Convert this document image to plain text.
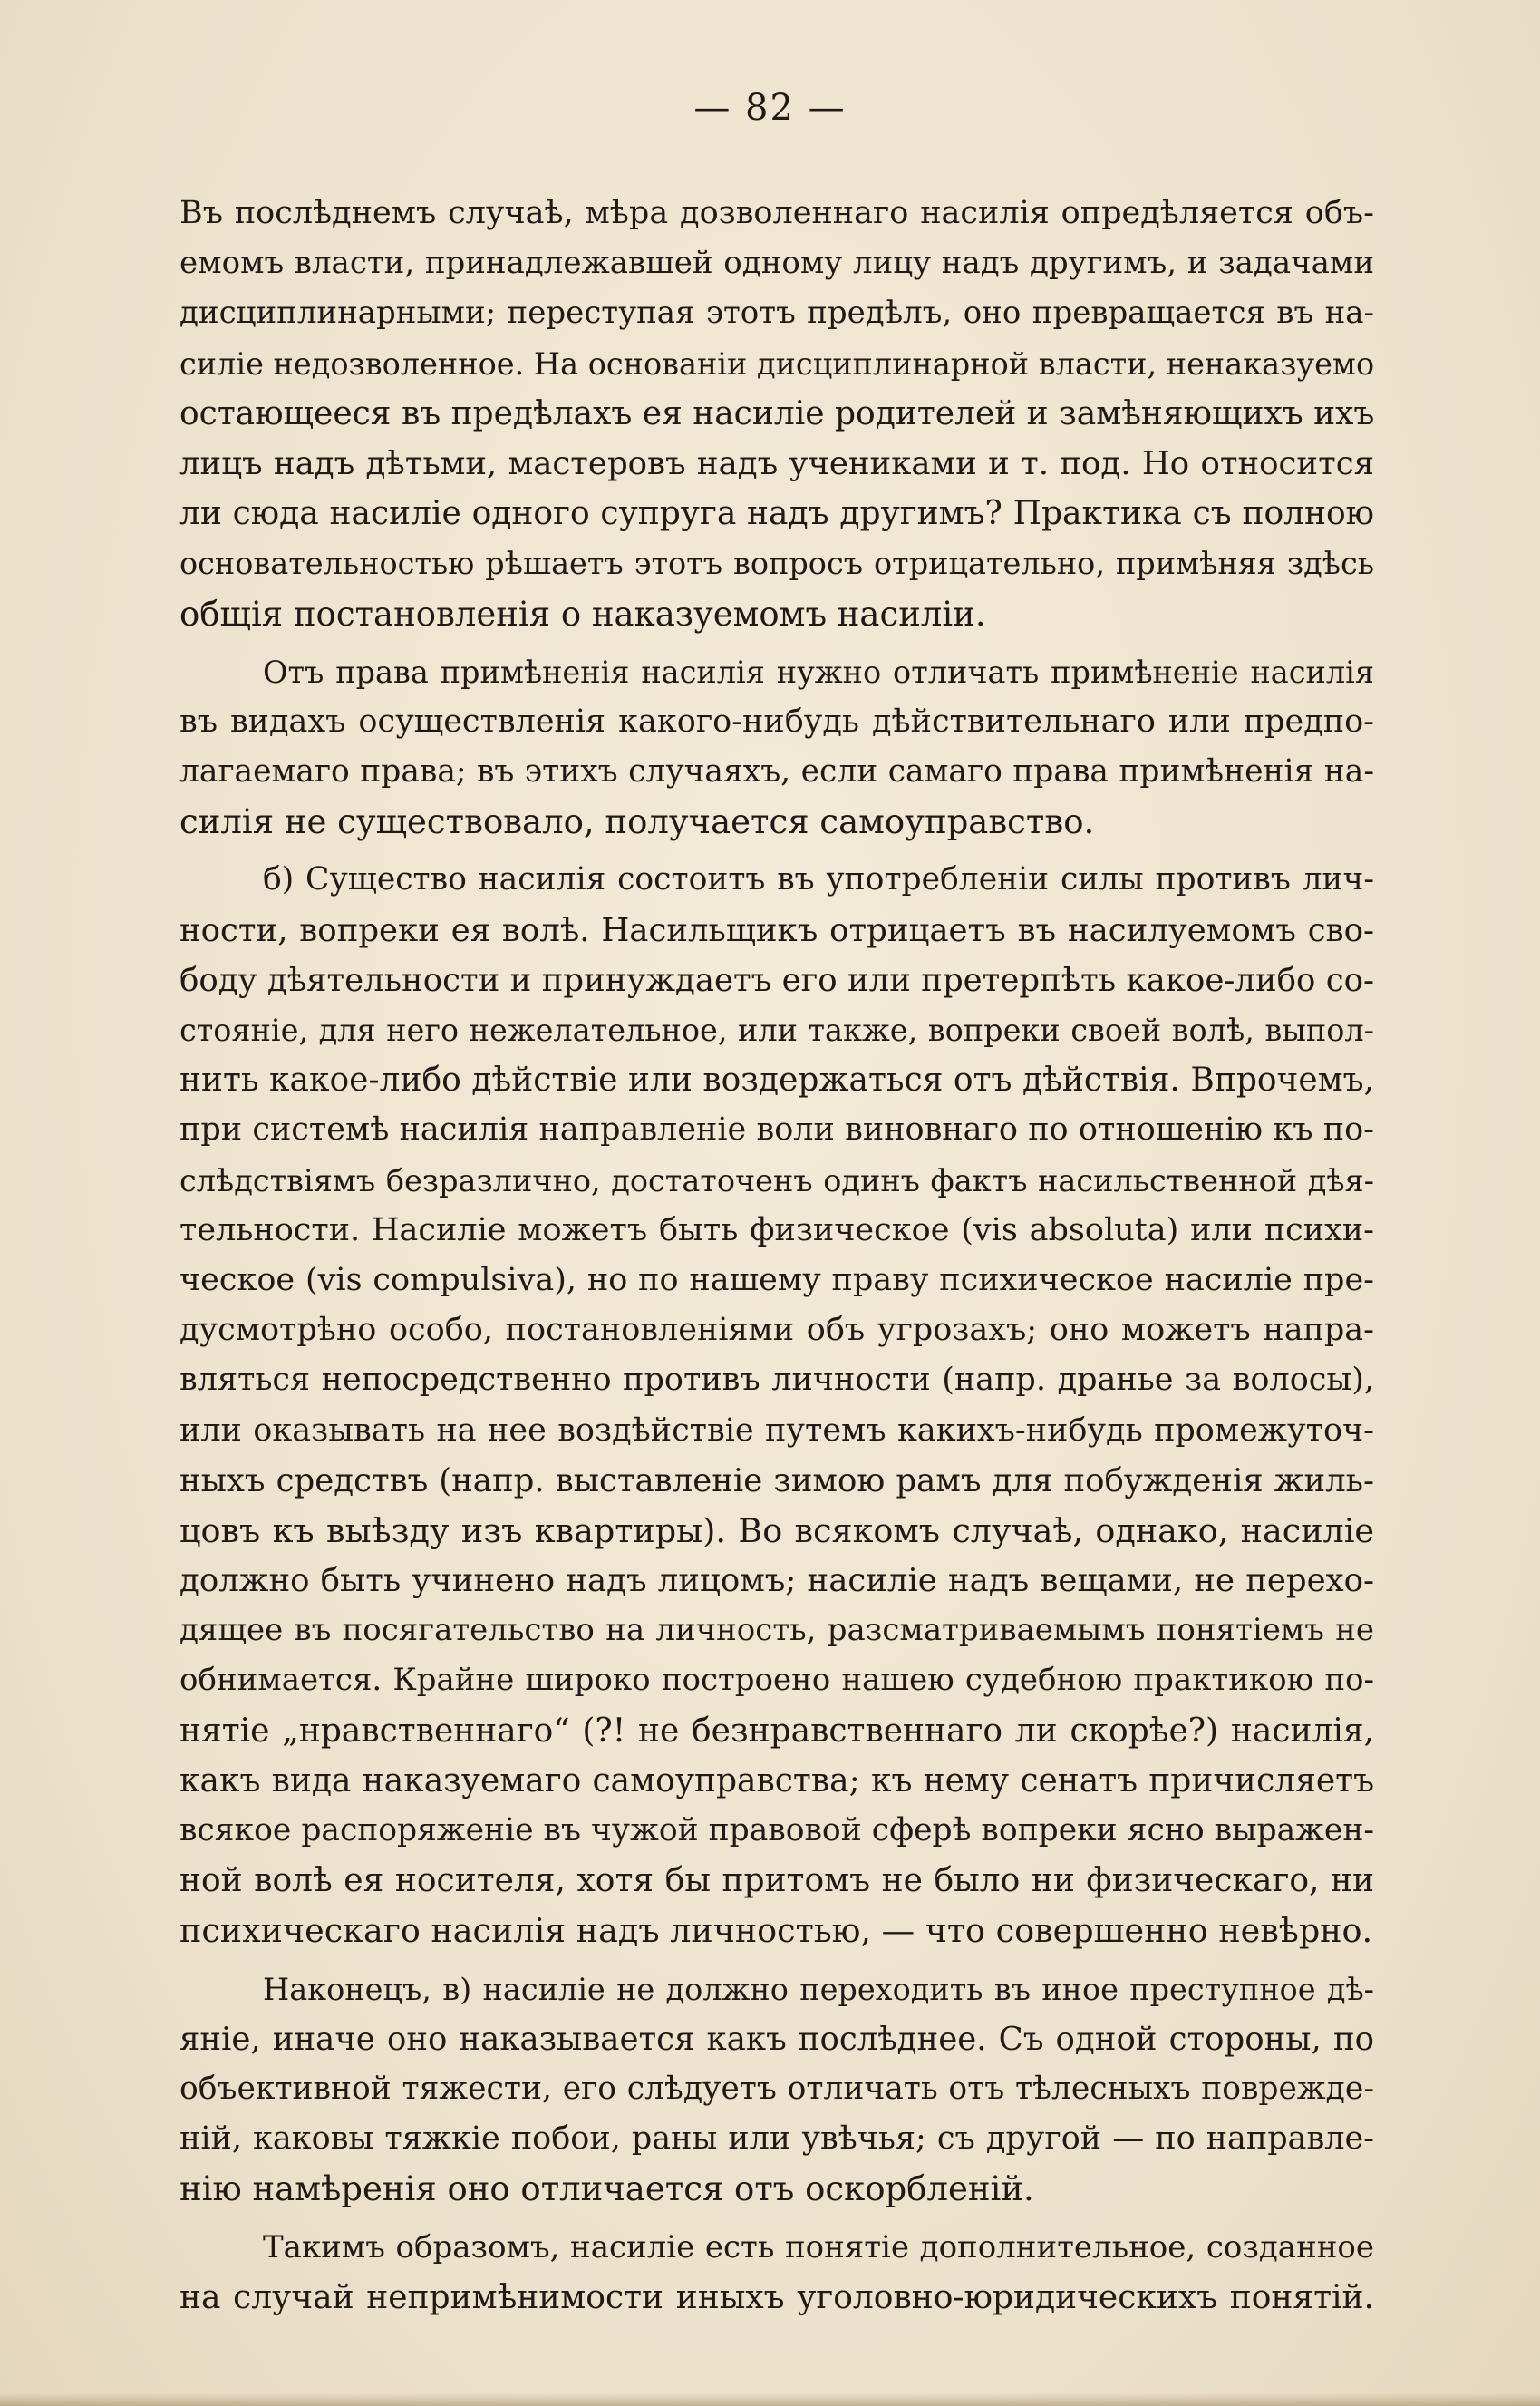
— 82 —
Въ послѣднемъ случаѣ, мѣра дозволеннаго насилія опредѣляется объ-
емомъ власти, принадлежавшей одному лицу надъ другимъ, и задачами
дисциплинарными; переступая этотъ предѣлъ, оно превращается въ на-
силіе недозволенное. На основаніи дисциплинарной власти, ненаказуемо
остающееся въ предѣлахъ ея насиліе родителей и замѣняющихъ ихъ
лицъ надъ дѣтьми, мастеровъ надъ учениками и т. под. Но относится
ли сюда насиліе одного супруга надъ другимъ? Практика съ полною
основательностью рѣшаетъ этотъ вопросъ отрицательно, примѣняя здѣсь
общія постановленія о наказуемомъ насиліи.
Отъ права примѣненія насилія нужно отличать примѣненіе насилія
въ видахъ осуществленія какого-нибудь дѣйствительнаго или предпо-
лагаемаго права; въ этихъ случаяхъ, если самаго права примѣненія на-
силія не существовало, получается самоуправство.
б) Существо насилія состоитъ въ употребленіи силы противъ лич-
ности, вопреки ея волѣ. Насильщикъ отрицаетъ въ насилуемомъ сво-
боду дѣятельности и принуждаетъ его или претерпѣть какое-либо со-
стояніе, для него нежелательное, или также, вопреки своей волѣ, выпол-
нить какое-либо дѣйствіе или воздержаться отъ дѣйствія. Впрочемъ,
при системѣ насилія направленіе воли виновнаго по отношенію къ по-
слѣдствіямъ безразлично, достаточенъ одинъ фактъ насильственной дѣя-
тельности. Насиліе можетъ быть физическое (vis absoluta) или психи-
ческое (vis compulsiva), но по нашему праву психическое насиліе пре-
дусмотрѣно особо, постановленіями объ угрозахъ; оно можетъ напра-
вляться непосредственно противъ личности (напр. дранье за волосы),
или оказывать на нее воздѣйствіе путемъ какихъ-нибудь промежуточ-
ныхъ средствъ (напр. выставленіе зимою рамъ для побужденія жиль-
цовъ къ выѣзду изъ квартиры). Во всякомъ случаѣ, однако, насиліе
должно быть учинено надъ лицомъ; насиліе надъ вещами, не перехо-
дящее въ посягательство на личность, разсматриваемымъ понятіемъ не
обнимается. Крайне широко построено нашею судебною практикою по-
нятіе „нравственнаго“ (?! не безнравственнаго ли скорѣе?) насилія,
какъ вида наказуемаго самоуправства; къ нему сенатъ причисляетъ
всякое распоряженіе въ чужой правовой сферѣ вопреки ясно выражен-
ной волѣ ея носителя, хотя бы притомъ не было ни физическаго, ни
психическаго насилія надъ личностью, — что совершенно невѣрно.
Наконецъ, в) насиліе не должно переходить въ иное преступное дѣ-
яніе, иначе оно наказывается какъ послѣднее. Съ одной стороны, по
объективной тяжести, его слѣдуетъ отличать отъ тѣлесныхъ поврежде-
ній, каковы тяжкіе побои, раны или увѣчья; съ другой — по направле-
нію намѣренія оно отличается отъ оскорбленій.
Такимъ образомъ, насиліе есть понятіе дополнительное, созданное
на случай непримѣнимости иныхъ уголовно-юридическихъ понятій.
